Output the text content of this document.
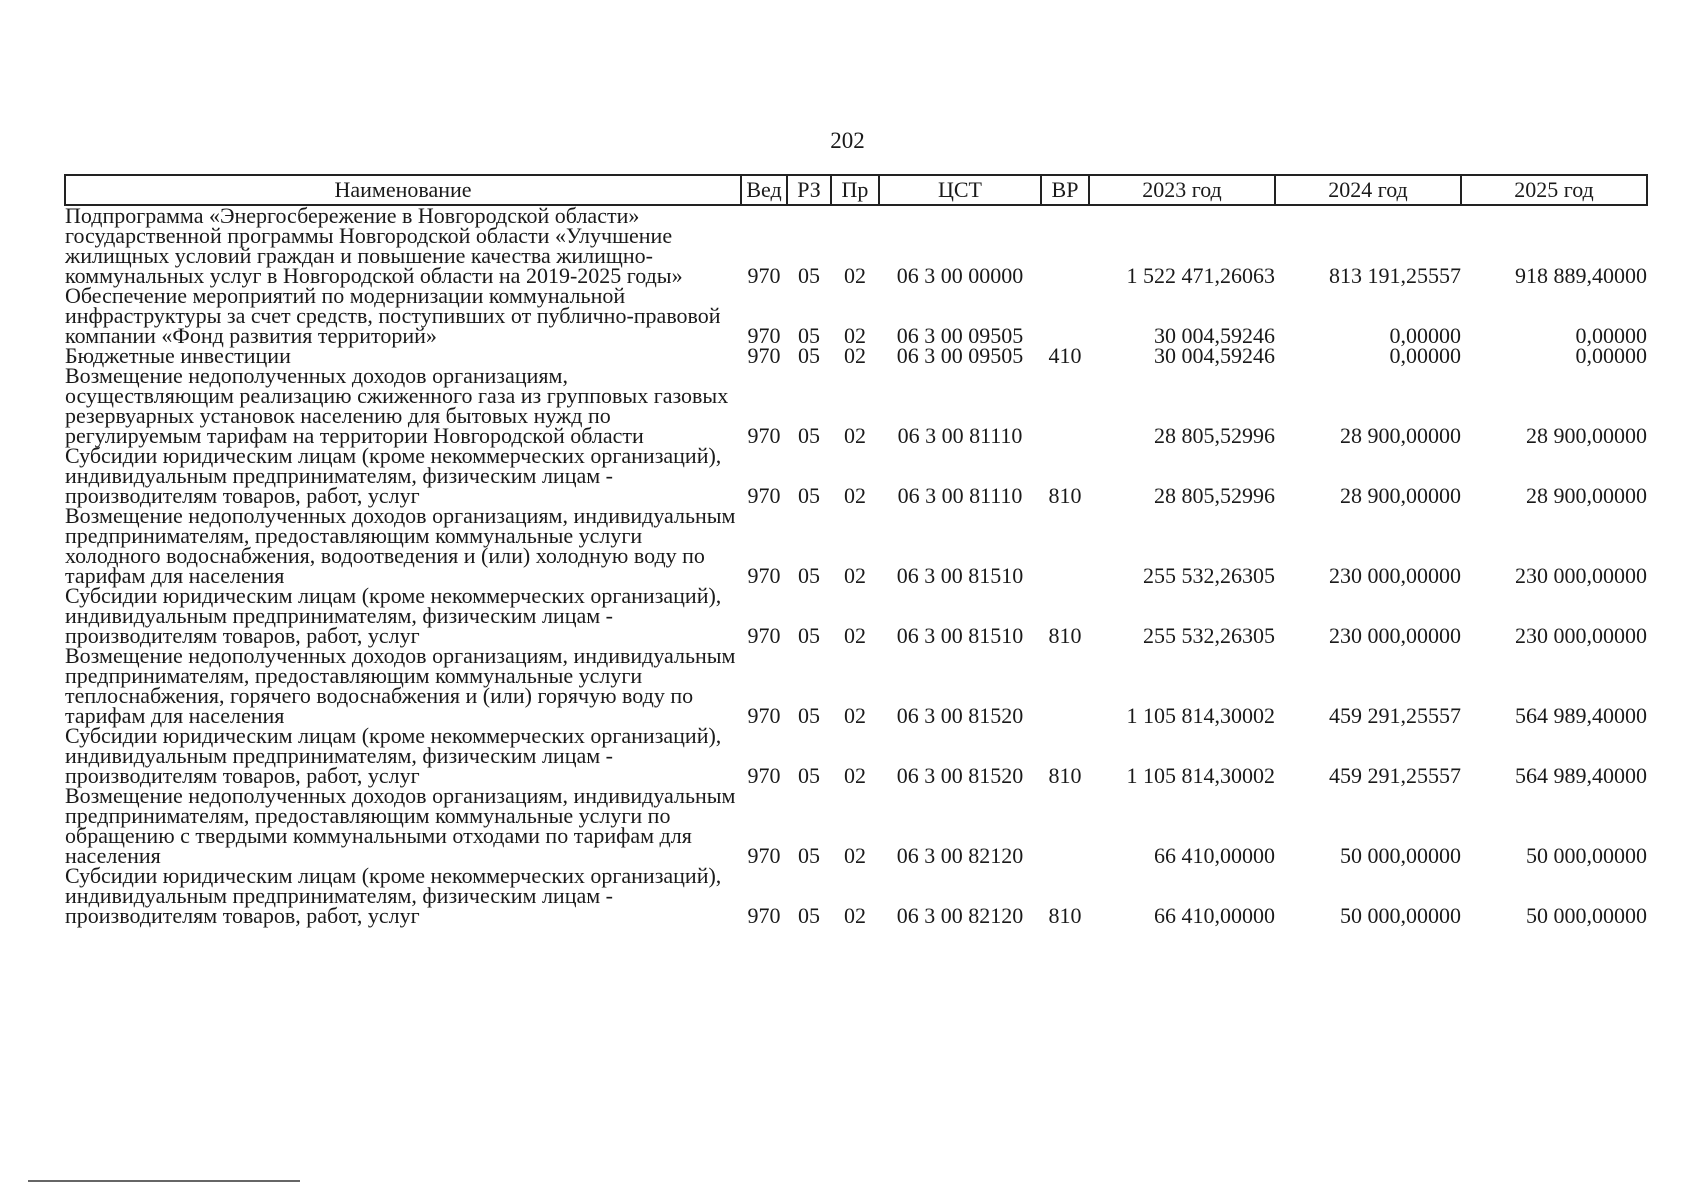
202
Наименование	Вед	РЗ	Пр	ЦСТ	ВР	2023 год	2024 год	2025 год
Подпрограмма «Энергосбережение в Новгородской области» государственной программы Новгородской области «Улучшение жилищных условий граждан и повышение качества жилищно-коммунальных услуг в Новгородской области на 2019-2025 годы»	970	05	02	06 3 00 00000		1 522 471,26063	813 191,25557	918 889,40000
Обеспечение мероприятий по модернизации коммунальной инфраструктуры за счет средств, поступивших от публично-правовой компании «Фонд развития территорий»	970	05	02	06 3 00 09505		30 004,59246	0,00000	0,00000
Бюджетные инвестиции	970	05	02	06 3 00 09505	410	30 004,59246	0,00000	0,00000
Возмещение недополученных доходов организациям, осуществляющим реализацию сжиженного газа из групповых газовых резервуарных установок населению для бытовых нужд по регулируемым тарифам на территории Новгородской области	970	05	02	06 3 00 81110		28 805,52996	28 900,00000	28 900,00000
Субсидии юридическим лицам (кроме некоммерческих организаций), индивидуальным предпринимателям, физическим лицам - производителям товаров, работ, услуг	970	05	02	06 3 00 81110	810	28 805,52996	28 900,00000	28 900,00000
Возмещение недополученных доходов организациям, индивидуальным предпринимателям, предоставляющим коммунальные услуги холодного водоснабжения, водоотведения и (или) холодную воду по тарифам для населения	970	05	02	06 3 00 81510		255 532,26305	230 000,00000	230 000,00000
Субсидии юридическим лицам (кроме некоммерческих организаций), индивидуальным предпринимателям, физическим лицам - производителям товаров, работ, услуг	970	05	02	06 3 00 81510	810	255 532,26305	230 000,00000	230 000,00000
Возмещение недополученных доходов организациям, индивидуальным предпринимателям, предоставляющим коммунальные услуги теплоснабжения, горячего водоснабжения и (или) горячую воду по тарифам для населения	970	05	02	06 3 00 81520		1 105 814,30002	459 291,25557	564 989,40000
Субсидии юридическим лицам (кроме некоммерческих организаций), индивидуальным предпринимателям, физическим лицам - производителям товаров, работ, услуг	970	05	02	06 3 00 81520	810	1 105 814,30002	459 291,25557	564 989,40000
Возмещение недополученных доходов организациям, индивидуальным предпринимателям, предоставляющим коммунальные услуги по обращению с твердыми коммунальными отходами по тарифам для населения	970	05	02	06 3 00 82120		66 410,00000	50 000,00000	50 000,00000
Субсидии юридическим лицам (кроме некоммерческих организаций), индивидуальным предпринимателям, физическим лицам - производителям товаров, работ, услуг	970	05	02	06 3 00 82120	810	66 410,00000	50 000,00000	50 000,00000
